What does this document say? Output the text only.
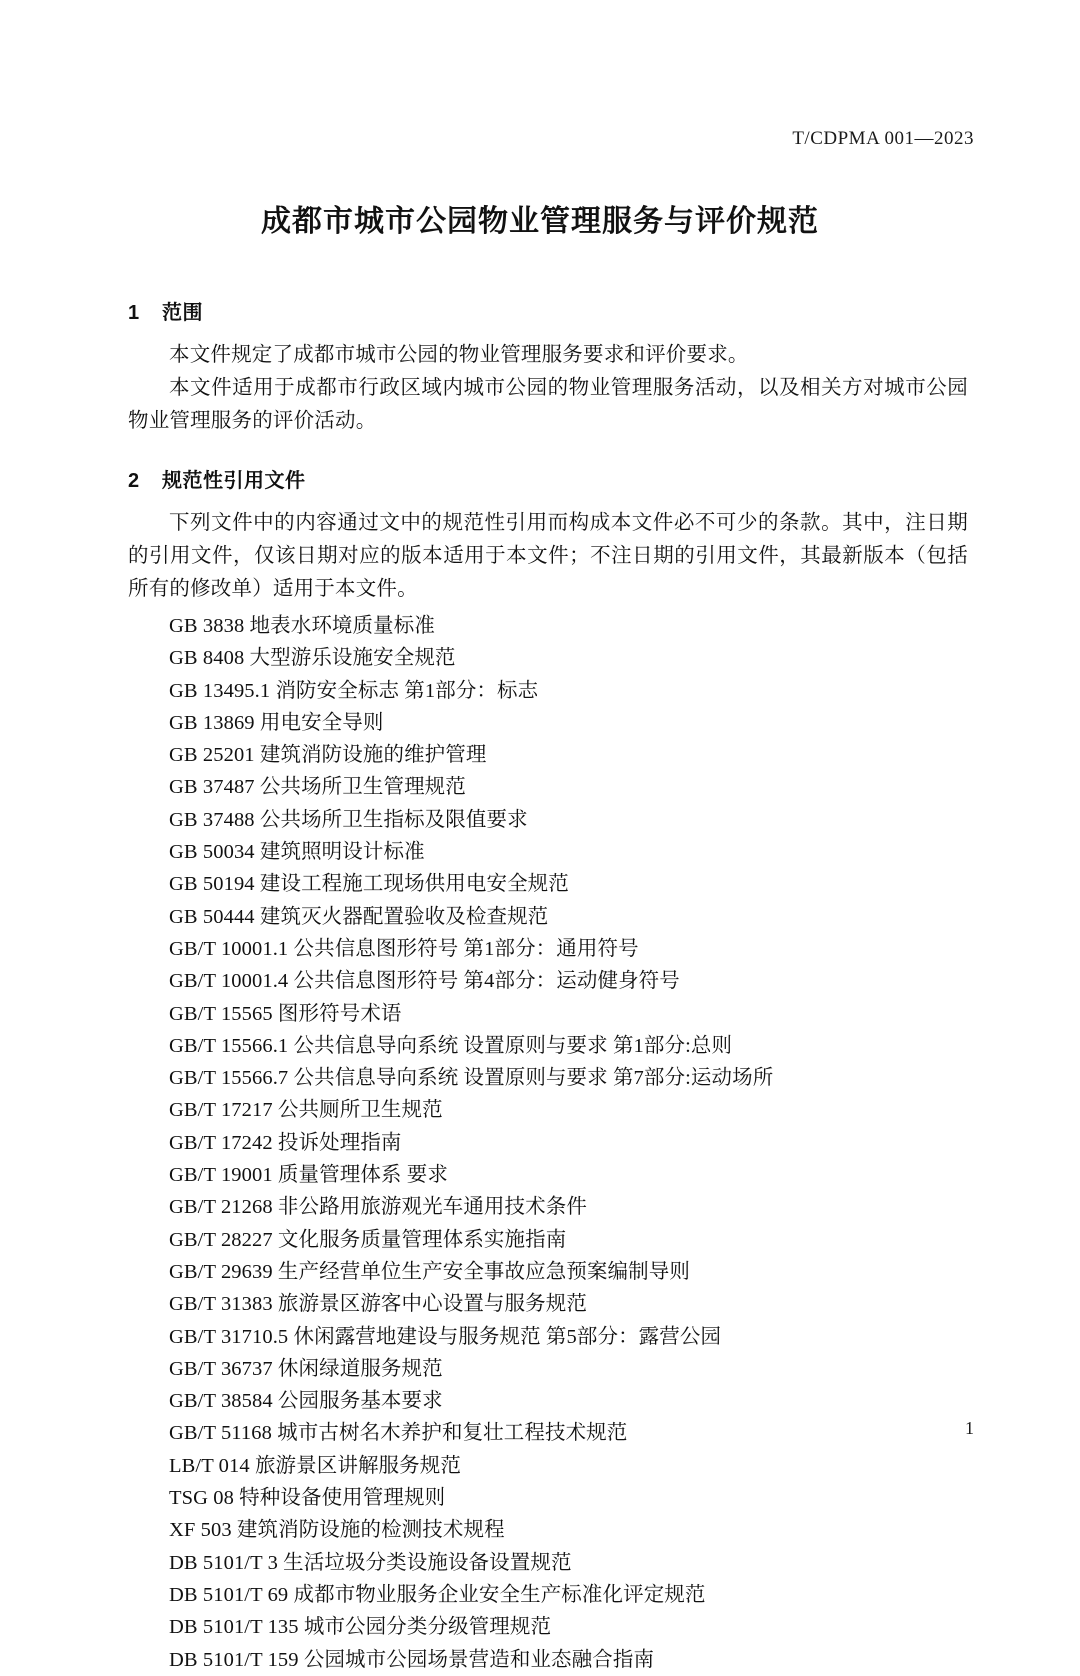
T/CDPMA 001—2023
成都市城市公园物业管理服务与评价规范
1 范围

本文件规定了成都市城市公园的物业管理服务要求和评价要求。

本文件适用于成都市行政区域内城市公园的物业管理服务活动，以及相关方对城市公园物业管理服务的评价活动。

2 规范性引用文件

下列文件中的内容通过文中的规范性引用而构成本文件必不可少的条款。其中，注日期的引用文件，仅该日期对应的版本适用于本文件；不注日期的引用文件，其最新版本（包括所有的修改单）适用于本文件。

GB 3838 地表水环境质量标准
GB 8408 大型游乐设施安全规范
GB 13495.1 消防安全标志 第1部分：标志
GB 13869 用电安全导则
GB 25201 建筑消防设施的维护管理
GB 37487 公共场所卫生管理规范
GB 37488 公共场所卫生指标及限值要求
GB 50034 建筑照明设计标准
GB 50194 建设工程施工现场供用电安全规范
GB 50444 建筑灭火器配置验收及检查规范
GB/T 10001.1 公共信息图形符号 第1部分：通用符号
GB/T 10001.4 公共信息图形符号 第4部分：运动健身符号
GB/T 15565 图形符号术语
GB/T 15566.1 公共信息导向系统 设置原则与要求 第1部分:总则
GB/T 15566.7 公共信息导向系统 设置原则与要求 第7部分:运动场所
GB/T 17217 公共厕所卫生规范
GB/T 17242 投诉处理指南
GB/T 19001 质量管理体系 要求
GB/T 21268 非公路用旅游观光车通用技术条件
GB/T 28227 文化服务质量管理体系实施指南
GB/T 29639 生产经营单位生产安全事故应急预案编制导则
GB/T 31383 旅游景区游客中心设置与服务规范
GB/T 31710.5 休闲露营地建设与服务规范 第5部分：露营公园
GB/T 36737 休闲绿道服务规范
GB/T 38584 公园服务基本要求
GB/T 51168 城市古树名木养护和复壮工程技术规范
LB/T 014 旅游景区讲解服务规范
TSG 08 特种设备使用管理规则
XF 503 建筑消防设施的检测技术规程
DB 5101/T 3 生活垃圾分类设施设备设置规范
DB 5101/T 69 成都市物业服务企业安全生产标准化评定规范
DB 5101/T 135 城市公园分类分级管理规范
DB 5101/T 159 公园城市公园场景营造和业态融合指南
1
